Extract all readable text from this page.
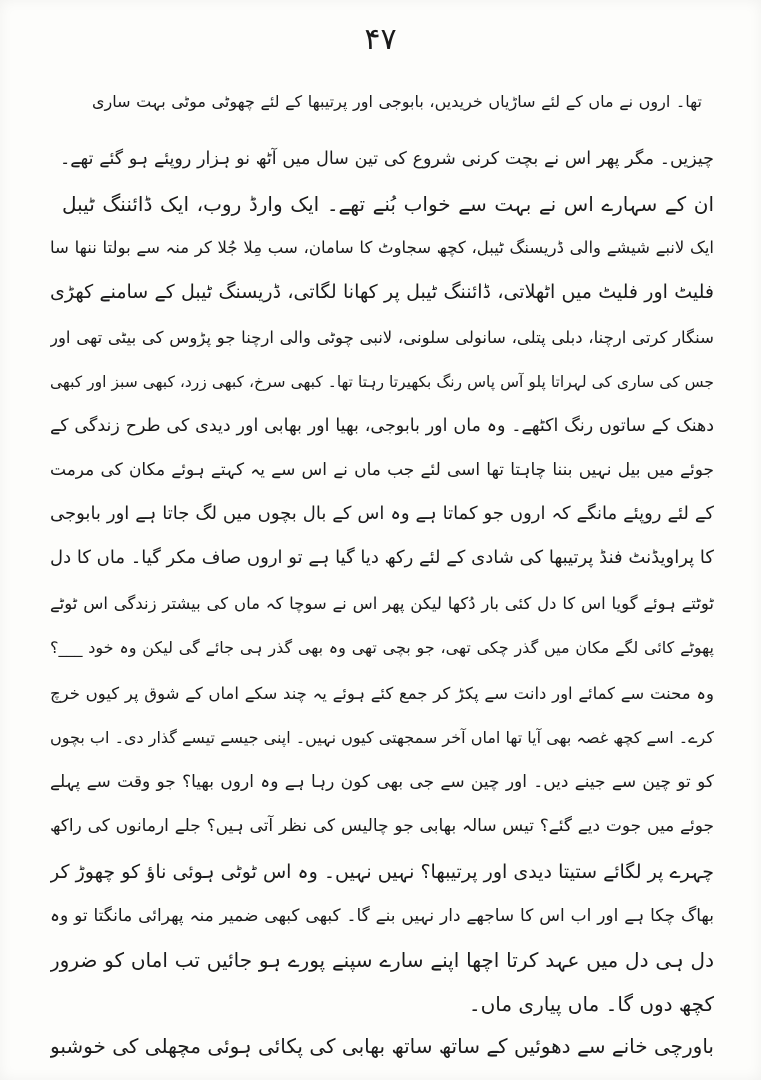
۴۷
تھا۔ اروں نے ماں کے لئے ساڑیاں خریدیں، بابوجی اور پرتیبھا کے لئے چھوٹی موٹی بہت ساری
چیزیں۔ مگر پھر اس نے بچت کرنی شروع کی تین سال میں آٹھ نو ہزار روپئے ہو گئے تھے۔
ان کے سہارے اس نے بہت سے خواب بُنے تھے۔ ایک وارڈ روب، ایک ڈائننگ ٹیبل
ایک لانبے شیشے والی ڈریسنگ ٹیبل، کچھ سجاوٹ کا سامان، سب مِلا جُلا کر منہ سے بولتا ننھا سا
فلیٹ اور فلیٹ میں اٹھلاتی، ڈائننگ ٹیبل پر کھانا لگاتی، ڈریسنگ ٹیبل کے سامنے کھڑی
سنگار کرتی ارچنا، دبلی پتلی، سانولی سلونی، لانبی چوٹی والی ارچنا جو پڑوس کی بیٹی تھی اور
جس کی ساری کی لہراتا پلو آس پاس رنگ بکھیرتا رہتا تھا۔ کبھی سرخ، کبھی زرد، کبھی سبز اور کبھی
دھنک کے ساتوں رنگ اکٹھے۔ وہ ماں اور بابوجی، بھیا اور بھابی اور دیدی کی طرح زندگی کے
جوئے میں بیل نہیں بننا چاہتا تھا اسی لئے جب ماں نے اس سے یہ کہتے ہوئے مکان کی مرمت
کے لئے روپئے مانگے کہ اروں جو کماتا ہے وہ اس کے بال بچوں میں لگ جاتا ہے اور بابوجی
کا پراویڈنٹ فنڈ پرتیبھا کی شادی کے لئے رکھ دیا گیا ہے تو اروں صاف مکر گیا۔ ماں کا دل
ٹوٹتے ہوئے گویا اس کا دل کئی بار دُکھا لیکن پھر اس نے سوچا کہ ماں کی بیشتر زندگی اس ٹوٹے
پھوٹے کائی لگے مکان میں گذر چکی تھی، جو بچی تھی وہ بھی گذر ہی جائے گی لیکن وہ خود ___؟
وہ محنت سے کمائے اور دانت سے پکڑ کر جمع کئے ہوئے یہ چند سکے اماں کے شوق پر کیوں خرچ
کرے۔ اسے کچھ غصہ بھی آیا تھا اماں آخر سمجھتی کیوں نہیں۔ اپنی جیسے تیسے گذار دی۔ اب بچوں
کو تو چین سے جینے دیں۔ اور چین سے جی بھی کون رہا ہے وہ اروں بھیا؟ جو وقت سے پہلے
جوئے میں جوت دیے گئے؟ تیس سالہ بھابی جو چالیس کی نظر آتی ہیں؟ جلے ارمانوں کی راکھ
چہرے پر لگائے ستیتا دیدی اور پرتیبھا؟ نہیں نہیں۔ وہ اس ٹوٹی ہوئی ناؤ کو چھوڑ کر
بھاگ چکا ہے اور اب اس کا ساجھے دار نہیں بنے گا۔ کبھی کبھی ضمیر منہ پھرائی مانگتا تو وہ
دل ہی دل میں عہد کرتا اچھا اپنے سارے سپنے پورے ہو جائیں تب اماں کو ضرور
کچھ دوں گا۔ ماں پیاری ماں۔
باورچی خانے سے دھوئیں کے ساتھ ساتھ بھابی کی پکائی ہوئی مچھلی کی خوشبو
